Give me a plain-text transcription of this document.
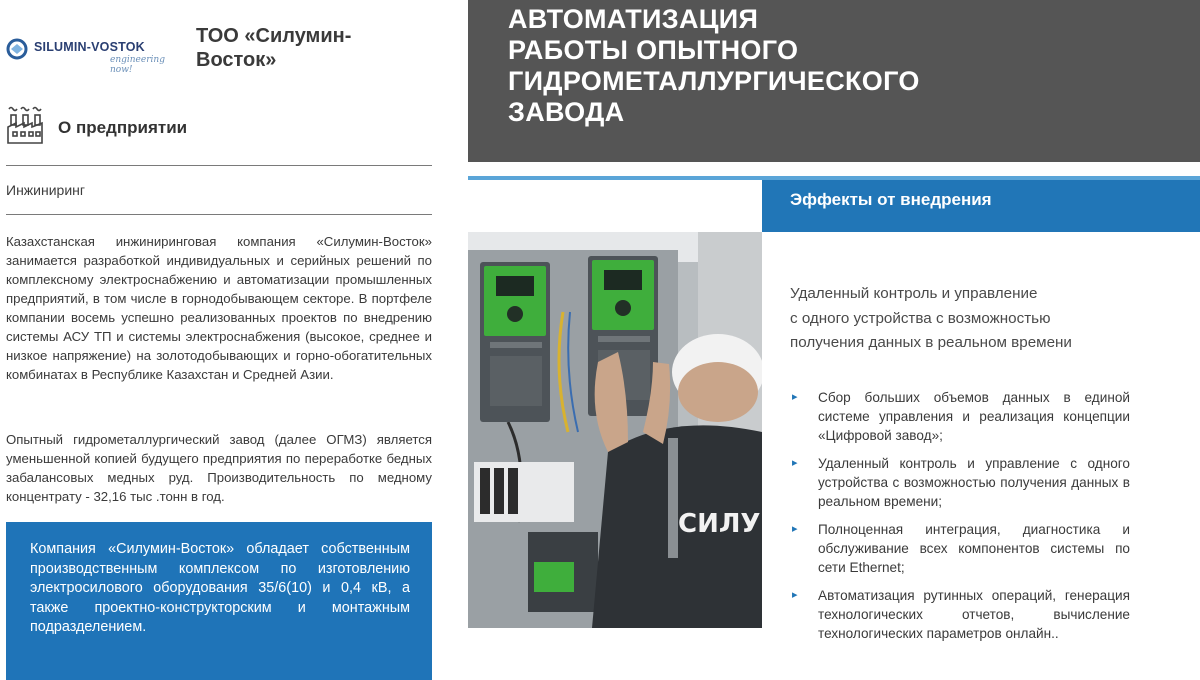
SILUMIN-VOSTOK
engineering now!
ТОО «Силумин-
Восток»
О предприятии
Инжиниринг
Казахстанская инжиниринговая компания «Силумин-Восток» занимается разработкой индивидуальных и серийных решений по комплексному электроснабжению и автоматизации промышленных предприятий, в том числе в горнодобывающем секторе. В портфеле компании восемь успешно реализованных проектов по внедрению системы АСУ ТП и системы электроснабжения (высокое, среднее и низкое напряжение) на золотодобывающих и горно-обогатительных комбинатах в Республике Казахстан и Средней Азии.
Опытный гидрометаллургический завод (далее ОГМЗ) является уменьшенной копией будущего предприятия по переработке бедных забалансовых медных руд. Производительность по медному концентрату - 32,16 тыс .тонн в год.
Компания «Силумин-Восток» обладает собственным производственным комплексом по изготовлению электросилового оборудования 35/6(10) и 0,4 кВ, а также проектно-конструкторским и монтажным подразделением.
АВТОМАТИЗАЦИЯ
РАБОТЫ ОПЫТНОГО
ГИДРОМЕТАЛЛУРГИЧЕСКОГО
ЗАВОДА
Эффекты от внедрения
СИЛУ
Удаленный контроль и управление
с одного устройства с возможностью
получения данных в реальном времени
▸ Сбор больших объемов данных в единой системе управления и реализация концепции «Цифровой завод»;
▸ Удаленный контроль и управление с одного устройства с возможностью получения данных в реальном времени;
▸ Полноценная интеграция, диагностика и обслуживание всех компонентов системы по сети Ethernet;
▸ Автоматизация рутинных операций, генерация технологических отчетов, вычисление технологических параметров онлайн..
